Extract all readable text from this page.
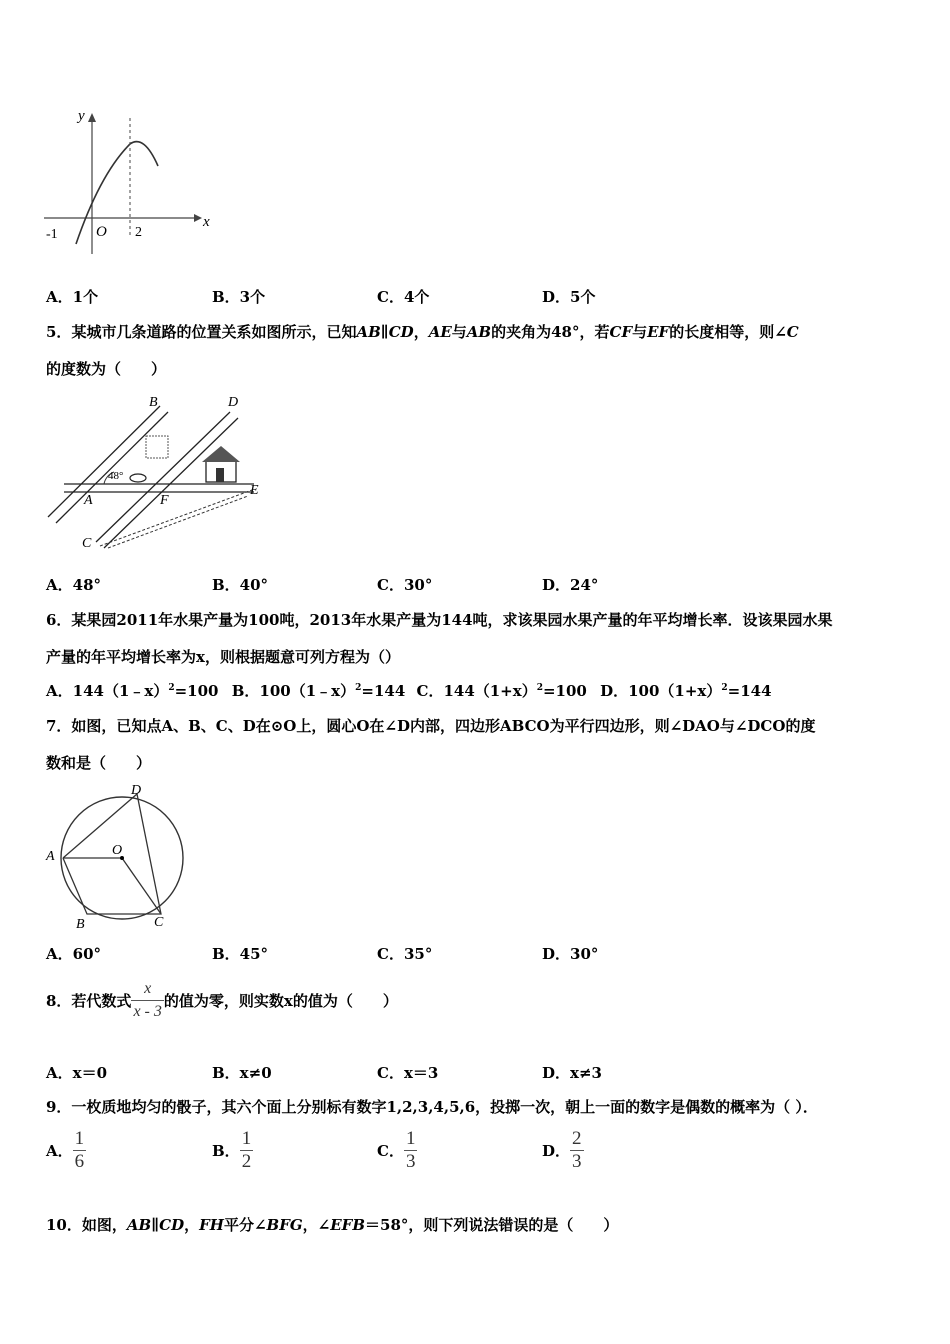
y
x
-1	O 2
A．1个	B．3个	C．4个	D．5个
5．某城市几条道路的位置关系如图所示，已知AB∥CD，AE与AB的夹角为48°，若CF与EF的长度相等，则∠C
的度数为（　　）
48°
B	D
A	F
E
C
A．48°	B．40°	C．30°	D．24°
6．某果园2011年水果产量为100吨，2013年水果产量为144吨，求该果园水果产量的年平均增长率．设该果园水果
产量的年平均增长率为x，则根据题意可列方程为（）
A．144（1﹣x）$^2$=100 B．100（1﹣x）$^2$=144 C．$144(1+x)^2=100$ D．$100(1+x)^2=144$
7．如图，已知点A、B、C、D在⊙O上，圆心O在∠D内部，四边形ABCO为平行四边形，则∠DAO与∠DCO的度
数和是（　　）
D
O
A
B	C
A．60°	B．45°	C．35°	D．30°
8．若代数式 $\frac{x}{x - 3}$ 的值为零，则实数x的值为（　　）
A．x＝0	B．x≠0	C．x＝3	D．x≠3
9．一枚质地均匀的骰子，其六个面上分别标有数字1,2,3,4,5,6，投掷一次，朝上一面的数字是偶数的概率为（ ）．
A． $\frac{1}{6}$	B． $\frac{1}{2}$	C． $\frac{1}{3}$	D． $\frac{2}{3}$
10．如图，AB∥CD，FH平分∠BFG，∠EFB＝58°，则下列说法错误的是（　　）
